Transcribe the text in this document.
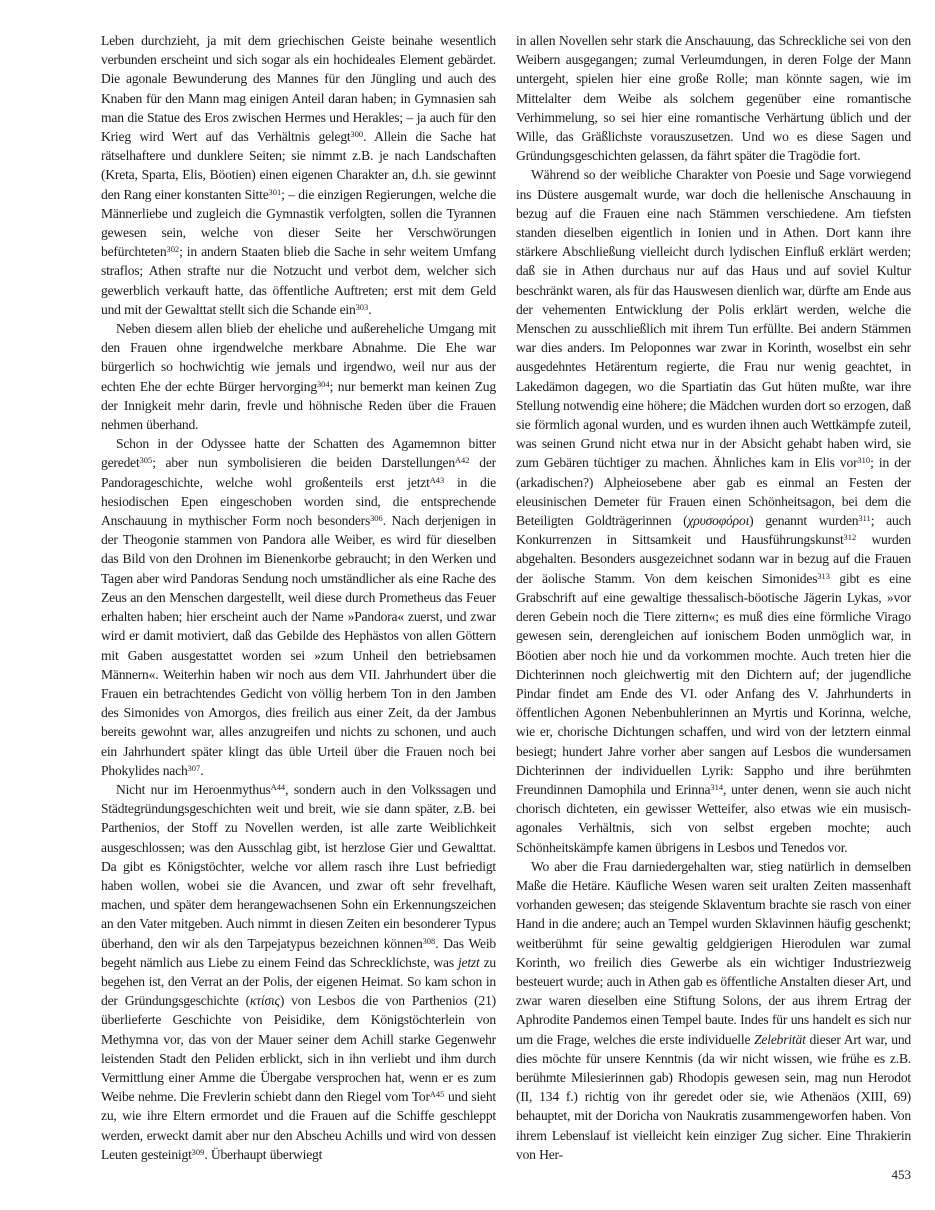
Leben durchzieht, ja mit dem griechischen Geiste beinahe wesentlich verbunden erscheint und sich sogar als ein hochideales Element gebärdet. Die agonale Bewunderung des Mannes für den Jüngling und auch des Knaben für den Mann mag einigen Anteil daran haben; in Gymnasien sah man die Statue des Eros zwischen Hermes und Herakles; – ja auch für den Krieg wird Wert auf das Verhältnis gelegt$^{300}$. Allein die Sache hat rätselhaftere und dunklere Seiten; sie nimmt z.B. je nach Landschaften (Kreta, Sparta, Elis, Böotien) einen eigenen Charakter an, d.h. sie gewinnt den Rang einer konstanten Sitte$^{301}$; – die einzigen Regierungen, welche die Männerliebe und zugleich die Gymnastik verfolgten, sollen die Tyrannen gewesen sein, welche von dieser Seite her Verschwörungen befürchteten$^{302}$; in andern Staaten blieb die Sache in sehr weitem Umfang straflos; Athen strafte nur die Notzucht und verbot dem, welcher sich gewerblich verkauft hatte, das öffentliche Auftreten; erst mit dem Geld und mit der Gewalttat stellt sich die Schande ein$^{303}$.

Neben diesem allen blieb der eheliche und außereheliche Umgang mit den Frauen ohne irgendwelche merkbare Abnahme. Die Ehe war bürgerlich so hochwichtig wie jemals und irgendwo, weil nur aus der echten Ehe der echte Bürger hervorging$^{304}$; nur bemerkt man keinen Zug der Innigkeit mehr darin, frevle und höhnische Reden über die Frauen nehmen überhand.

Schon in der Odyssee hatte der Schatten des Agamemnon bitter geredet$^{305}$; aber nun symbolisieren die beiden Darstellungen$^{A42}$ der Pandorageschichte, welche wohl großenteils erst jetzt$^{A43}$ in die hesiodischen Epen eingeschoben worden sind, die entsprechende Anschauung in mythischer Form noch besonders$^{306}$. Nach derjenigen in der Theogonie stammen von Pandora alle Weiber, es wird für dieselben das Bild von den Drohnen im Bienenkorbe gebraucht; in den Werken und Tagen aber wird Pandoras Sendung noch umständlicher als eine Rache des Zeus an den Menschen dargestellt, weil diese durch Prometheus das Feuer erhalten haben; hier erscheint auch der Name »Pandora« zuerst, und zwar wird er damit motiviert, daß das Gebilde des Hephästos von allen Göttern mit Gaben ausgestattet worden sei »zum Unheil den betriebsamen Männern«. Weiterhin haben wir noch aus dem VII. Jahrhundert über die Frauen ein betrachtendes Gedicht von völlig herbem Ton in den Jamben des Simonides von Amorgos, dies freilich aus einer Zeit, da der Jambus bereits gewohnt war, alles anzugreifen und nichts zu schonen, und auch ein Jahrhundert später klingt das üble Urteil über die Frauen noch bei Phokylides nach$^{307}$.

Nicht nur im Heroenmythus$^{A44}$, sondern auch in den Volkssagen und Städtegründungsgeschichten weit und breit, wie sie dann später, z.B. bei Parthenios, der Stoff zu Novellen werden, ist alle zarte Weiblichkeit ausgeschlossen; was den Ausschlag gibt, ist herzlose Gier und Gewalttat. Da gibt es Königstöchter, welche vor allem rasch ihre Lust befriedigt haben wollen, wobei sie die Avancen, und zwar oft sehr frevelhaft, machen, und später dem herangewachsenen Sohn ein Erkennungszeichen an den Vater mitgeben. Auch nimmt in diesen Zeiten ein besonderer Typus überhand, den wir als den Tarpejatypus bezeichnen können$^{308}$. Das Weib begeht nämlich aus Liebe zu einem Feind das Schrecklichste, was jetzt zu begehen ist, den Verrat an der Polis, der eigenen Heimat. So kam schon in der Gründungsgeschichte (κτίσις) von Lesbos die von Parthenios (21) überlieferte Geschichte von Peisidike, dem Königstöchterlein von Methymna vor, das von der Mauer seiner dem Achill starke Gegenwehr leistenden Stadt den Peliden erblickt, sich in ihn verliebt und ihm durch Vermittlung einer Amme die Übergabe versprochen hat, wenn er es zum Weibe nehme. Die Frevlerin schiebt dann den Riegel vom Tor$^{A45}$ und sieht zu, wie ihre Eltern ermordet und die Frauen auf die Schiffe geschleppt werden, erweckt damit aber nur den Abscheu Achills und wird von dessen Leuten gesteinigt$^{309}$. Überhaupt überwiegt

in allen Novellen sehr stark die Anschauung, das Schreckliche sei von den Weibern ausgegangen; zumal Verleumdungen, in deren Folge der Mann untergeht, spielen hier eine große Rolle; man könnte sagen, wie im Mittelalter dem Weibe als solchem gegenüber eine romantische Verhimmelung, so sei hier eine romantische Verhärtung üblich und der Wille, das Gräßlichste vorauszusetzen. Und wo es diese Sagen und Gründungsgeschichten gelassen, da fährt später die Tragödie fort.

Während so der weibliche Charakter von Poesie und Sage vorwiegend ins Düstere ausgemalt wurde, war doch die hellenische Anschauung in bezug auf die Frauen eine nach Stämmen verschiedene. Am tiefsten standen dieselben eigentlich in Ionien und in Athen. Dort kann ihre stärkere Abschließung vielleicht durch lydischen Einfluß erklärt werden; daß sie in Athen durchaus nur auf das Haus und auf soviel Kultur beschränkt waren, als für das Hauswesen dienlich war, dürfte am Ende aus der vehementen Entwicklung der Polis erklärt werden, welche die Menschen zu ausschließlich mit ihrem Tun erfüllte. Bei andern Stämmen war dies anders. Im Peloponnes war zwar in Korinth, woselbst ein sehr ausgedehntes Hetärentum regierte, die Frau nur wenig geachtet, in Lakedämon dagegen, wo die Spartiatin das Gut hüten mußte, war ihre Stellung notwendig eine höhere; die Mädchen wurden dort so erzogen, daß sie förmlich agonal wurden, und es wurden ihnen auch Wettkämpfe zuteil, was seinen Grund nicht etwa nur in der Absicht gehabt haben wird, sie zum Gebären tüchtiger zu machen. Ähnliches kam in Elis vor$^{310}$; in der (arkadischen?) Alpheiosebene aber gab es einmal an Festen der eleusinischen Demeter für Frauen einen Schönheitsagon, bei dem die Beteiligten Goldträgerinnen (χρυσοφόροι) genannt wurden$^{311}$; auch Konkurrenzen in Sittsamkeit und Hausführungskunst$^{312}$ wurden abgehalten. Besonders ausgezeichnet sodann war in bezug auf die Frauen der äolische Stamm. Von dem keischen Simonides$^{313}$ gibt es eine Grabschrift auf eine gewaltige thessalisch-böotische Jägerin Lykas, »vor deren Gebein noch die Tiere zittern«; es muß dies eine förmliche Virago gewesen sein, derengleichen auf ionischem Boden unmöglich war, in Böotien aber noch hie und da vorkommen mochte. Auch treten hier die Dichterinnen noch gleichwertig mit den Dichtern auf; der jugendliche Pindar findet am Ende des VI. oder Anfang des V. Jahrhunderts in öffentlichen Agonen Nebenbuhlerinnen an Myrtis und Korinna, welche, wie er, chorische Dichtungen schaffen, und wird von der letztern einmal besiegt; hundert Jahre vorher aber sangen auf Lesbos die wundersamen Dichterinnen der individuellen Lyrik: Sappho und ihre berühmten Freundinnen Damophila und Erinna$^{314}$, unter denen, wenn sie auch nicht chorisch dichteten, ein gewisser Wetteifer, also etwas wie ein musisch-agonales Verhältnis, sich von selbst ergeben mochte; auch Schönheitskämpfe kamen übrigens in Lesbos und Tenedos vor.

Wo aber die Frau darniedergehalten war, stieg natürlich in demselben Maße die Hetäre. Käufliche Wesen waren seit uralten Zeiten massenhaft vorhanden gewesen; das steigende Sklaventum brachte sie rasch von einer Hand in die andere; auch an Tempel wurden Sklavinnen häufig geschenkt; weitberühmt für seine gewaltig geldgierigen Hierodulen war zumal Korinth, wo freilich dies Gewerbe als ein wichtiger Industriezweig besteuert wurde; auch in Athen gab es öffentliche Anstalten dieser Art, und zwar waren dieselben eine Stiftung Solons, der aus ihrem Ertrag der Aphrodite Pandemos einen Tempel baute. Indes für uns handelt es sich nur um die Frage, welches die erste individuelle Zelebrität dieser Art war, und dies möchte für unsere Kenntnis (da wir nicht wissen, wie frühe es z.B. berühmte Milesierinnen gab) Rhodopis gewesen sein, mag nun Herodot (II, 134 f.) richtig von ihr geredet oder sie, wie Athenäos (XIII, 69) behauptet, mit der Doricha von Naukratis zusammengeworfen haben. Von ihrem Lebenslauf ist vielleicht kein einziger Zug sicher. Eine Thrakierin von Her-

453
